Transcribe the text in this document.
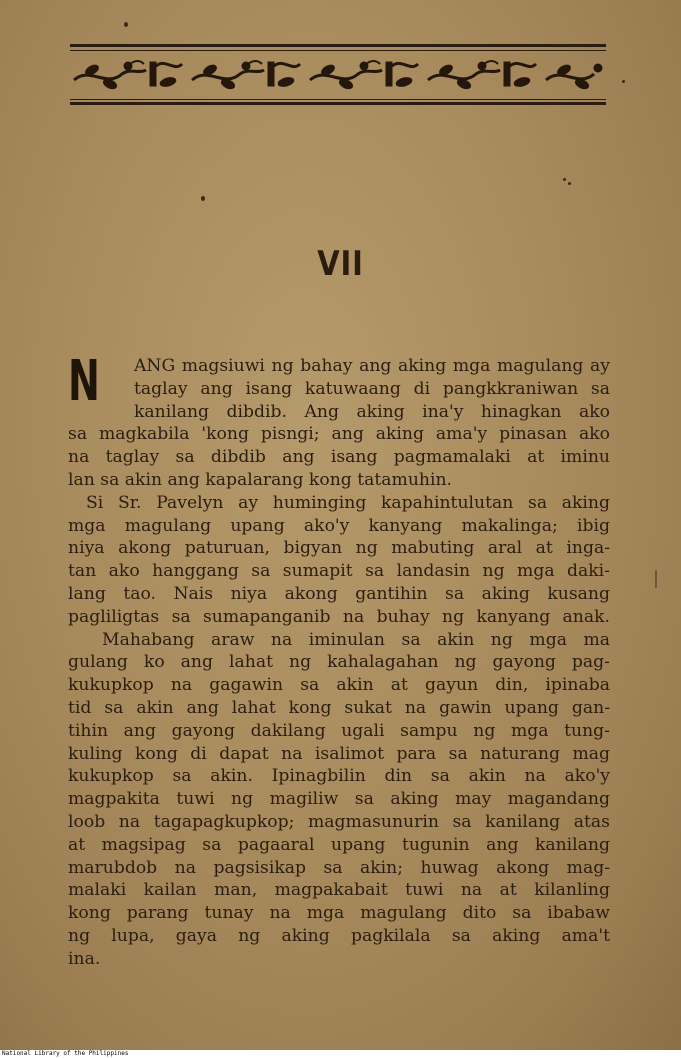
VII
N	ANG magsiuwi ng bahay ang aking mga magulang ay
taglay ang isang katuwaang di pangkkraniwan sa
kanilang dibdib. Ang aking ina'y hinagkan ako
sa magkabila 'kong pisngi; ang aking ama'y pinasan ako
na taglay sa dibdib ang isang pagmamalaki at iminu
lan sa akin ang kapalarang kong tatamuhin.
Si Sr. Pavelyn ay huminging kapahintulutan sa aking
mga magulang upang ako'y kanyang makalinga; ibig
niya akong paturuan, bigyan ng mabuting aral at inga-
tan ako hanggang sa sumapit sa landasin ng mga daki-
lang tao. Nais niya akong gantihin sa aking kusang
pagliligtas sa sumapanganib na buhay ng kanyang anak.
Mahabang araw na iminulan sa akin ng mga ma
gulang ko ang lahat ng kahalagahan ng gayong pag-
kukupkop na gagawin sa akin at gayun din, ipinaba
tid sa akin ang lahat kong sukat na gawin upang gan-
tihin ang gayong dakilang ugali sampu ng mga tung-
kuling kong di dapat na isalimot para sa naturang mag
kukupkop sa akin. Ipinagbilin din sa akin na ako'y
magpakita tuwi ng magiliw sa aking may magandang
loob na tagapagkupkop; magmasunurin sa kanilang atas
at magsipag sa pagaaral upang tugunin ang kanilang
marubdob na pagsisikap sa akin; huwag akong mag-
malaki kailan man, magpakabait tuwi na at kilanling
kong parang tunay na mga magulang dito sa ibabaw
ng lupa, gaya ng aking pagkilala sa aking ama't
ina.
National Library of the Philippines
